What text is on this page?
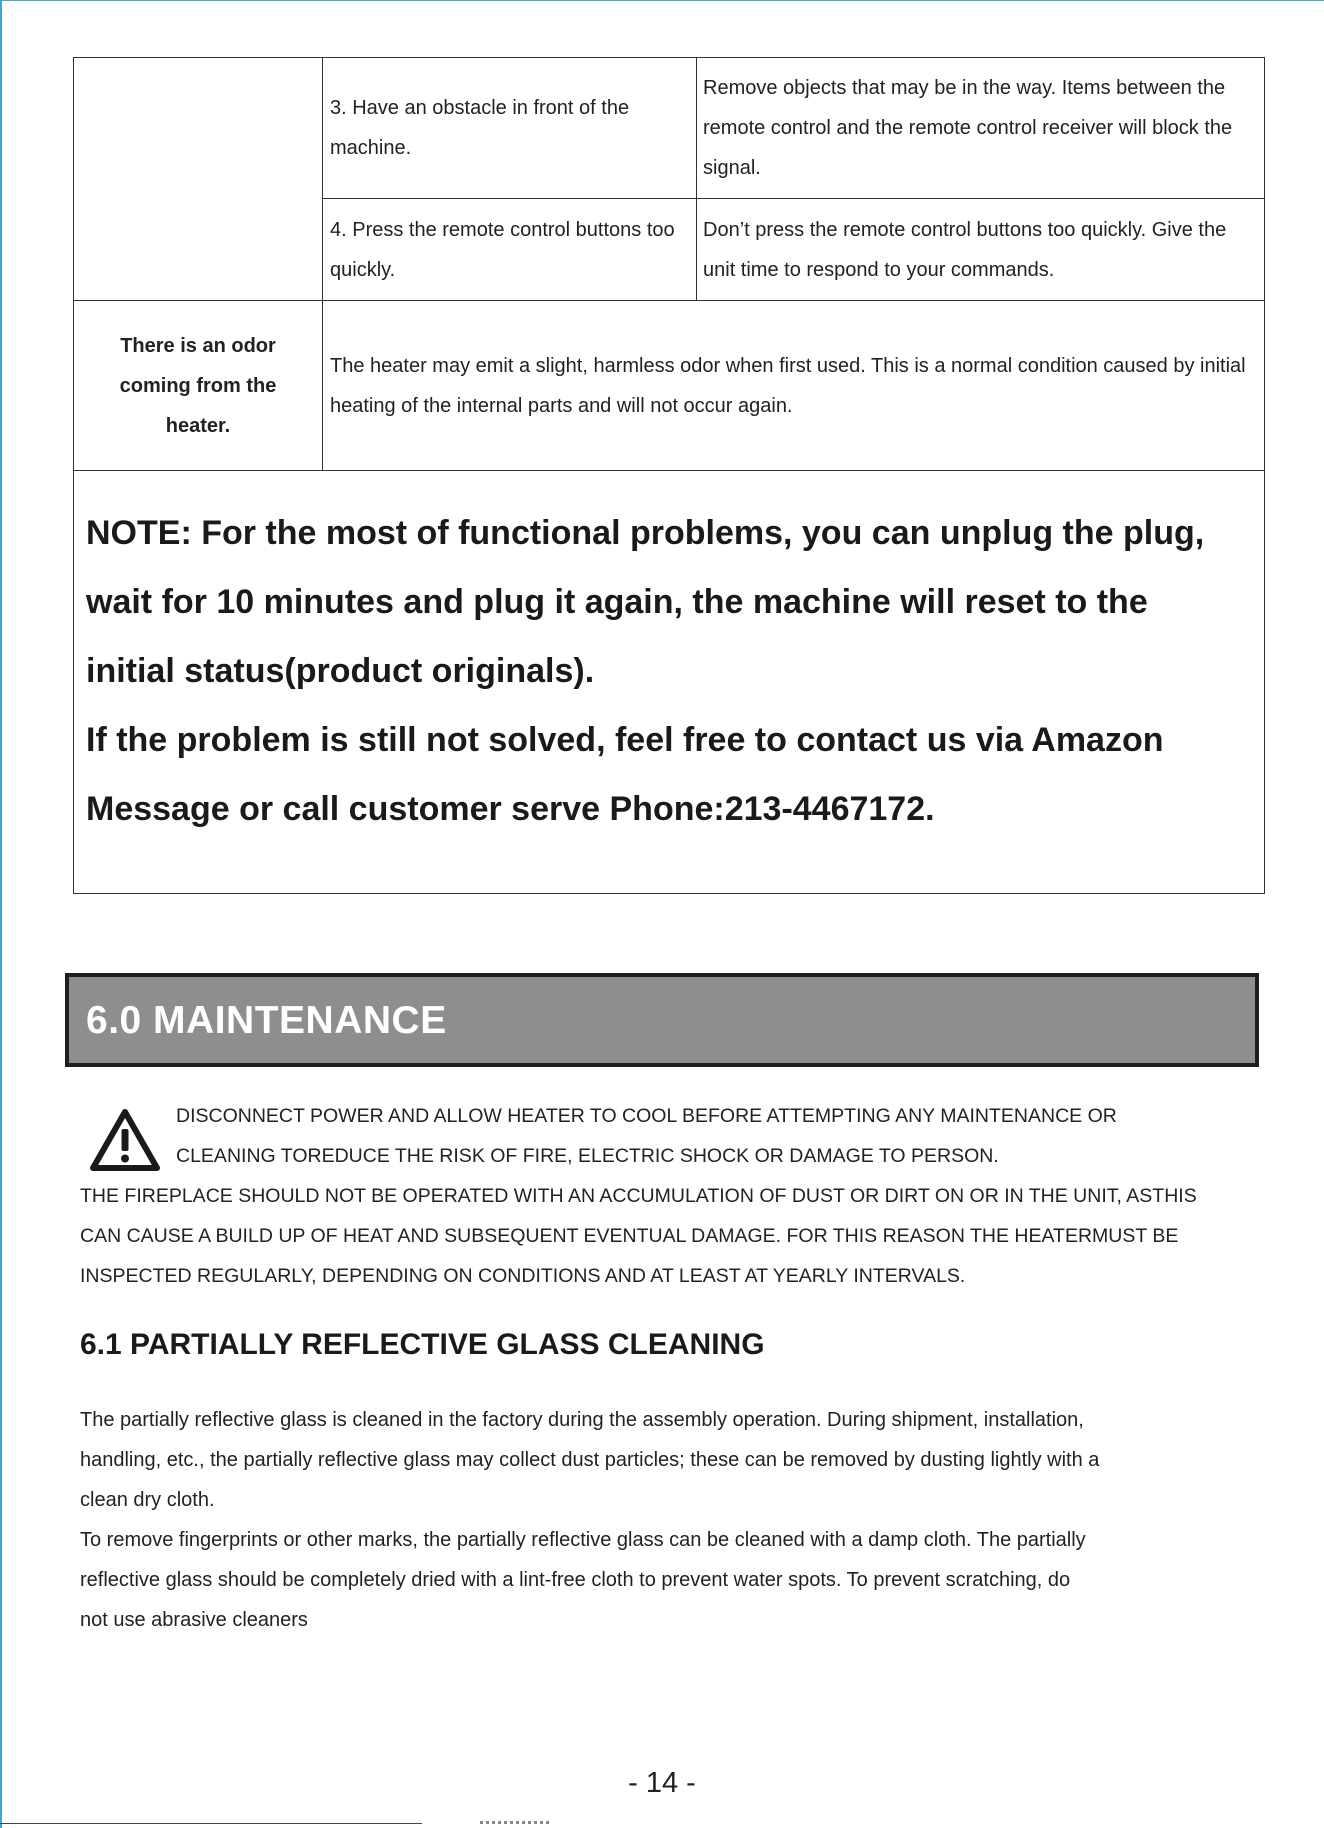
	3. Have an obstacle in front of the machine.	Remove objects that may be in the way. Items between the remote control and the remote control receiver will block the signal.
	4. Press the remote control buttons too quickly.	Don’t press the remote control buttons too quickly. Give the unit time to respond to your commands.
There is an odor coming from the heater.	The heater may emit a slight, harmless odor when first used. This is a normal condition caused by initial heating of the internal parts and will not occur again.	

NOTE: For the most of functional problems, you can unplug the plug,
wait for 10 minutes and plug it again, the machine will reset to the
initial status(product originals).
If the problem is still not solved, feel free to contact us via Amazon
Message or call customer serve Phone:213-4467172.		
6.0 MAINTENANCE
DISCONNECT POWER AND ALLOW HEATER TO COOL BEFORE ATTEMPTING ANY MAINTENANCE OR
CLEANING TOREDUCE THE RISK OF FIRE, ELECTRIC SHOCK OR DAMAGE TO PERSON.
THE FIREPLACE SHOULD NOT BE OPERATED WITH AN ACCUMULATION OF DUST OR DIRT ON OR IN THE UNIT, ASTHIS
CAN CAUSE A BUILD UP OF HEAT AND SUBSEQUENT EVENTUAL DAMAGE. FOR THIS REASON THE HEATERMUST BE
INSPECTED REGULARLY, DEPENDING ON CONDITIONS AND AT LEAST AT YEARLY INTERVALS.
6.1 PARTIALLY REFLECTIVE GLASS CLEANING
The partially reflective glass is cleaned in the factory during the assembly operation. During shipment, installation,
handling, etc., the partially reflective glass may collect dust particles; these can be removed by dusting lightly with a
clean dry cloth.
To remove fingerprints or other marks, the partially reflective glass can be cleaned with a damp cloth. The partially
reflective glass should be completely dried with a lint-free cloth to prevent water spots. To prevent scratching, do
not use abrasive cleaners
- 14 -
